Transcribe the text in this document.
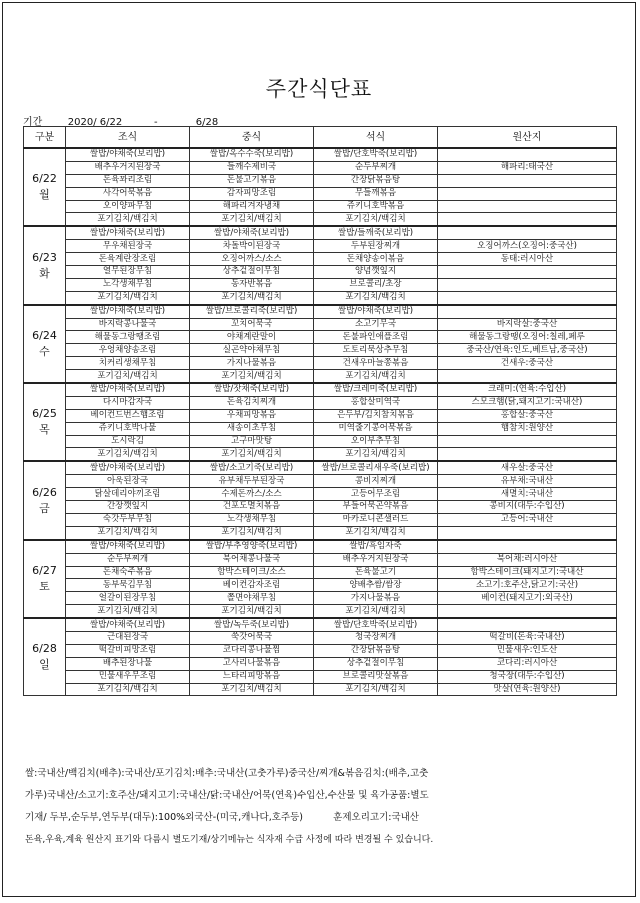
주간식단표
기간	2020/ 6/22	-	6/28
구분	조식	중식	석식	원산지

6/22
월	쌀밥/야채죽(보리밥)	쌀밥/옥수수죽(보리밥)	쌀밥/단호박죽(보리밥)	
	배추우거지된장국	들깨수제비국	순두부찌개	해파리:태국산
	돈육꽈리조림	돈불고기볶음	간장닭볶음탕	
	사각어묵볶음	감자피망조림	무들깨볶음	
	오이양파무침	해파리겨자냉채	쥬키니호박볶음	
	포기김치/백김치	포기김치/백김치	포기김치/백김치	

6/23
화	쌀밥/야채죽(보리밥)	쌀밥/야채죽(보리밥)	쌀밥/들깨죽(보리밥)	
	무우채된장국	차돌박이된장국	두부된장찌개	오징어까스(오징어:중국산)
	돈육계란장조림	오징어까스/소스	돈채양송이볶음	동태:러시아산
	열무된장무침	상추겉절이무침	양념깻잎지	
	노각생채무침	동자반볶음	브로콜리/초장	
	포기김치/백김치	포기김치/백김치	포기김치/백김치	

6/24
수	쌀밥/야채죽(보리밥)	쌀밥/브로콜리죽(보리밥)	쌀밥/야채죽(보리밥)	
	바지락콩나물국	꼬치어묵국	소고기무국	바지락살:중국산
	해물동그랑땡조림	야채계란말이	돈불파인애플조림	해물동그랑땡(오징어:칠레,페루
	우엉채양송조림	실곤약야채무침	도토리묵상추무침	중국산/연육:인도,베트남,중국산)
	치커리생채무침	가지나물볶음	건새우마늘쫑볶음	건새우:중국산
	포기김치/백김치	포기김치/백김치	포기김치/백김치	

6/25
목	쌀밥/야채죽(보리밥)	쌀밥/잣채죽(보리밥)	쌀밥/크레미죽(보리밥)	크래미:(연육:수입산)
	다시마감자국	돈육김치찌개	홍합살미역국	스모크햄(닭,돼지고기:국내산)
	베이컨드번스햄조림	우채피망볶음	은두부/김치참치볶음	홍합살:중국산
	쥬키니호박나물	새송이초무침	미역줄기콩어묵볶음	햄참치:원양산
	도시락김	고구마맛탕	오이부추무침	
	포기김치/백김치	포기김치/백김치	포기김치/백김치	

6/26
금	쌀밥/야채죽(보리밥)	쌀밥/소고기죽(보리밥)	쌀밥/브로콜리새우죽(보리밥)	새우살:중국산
	아욱된장국	유부채두부된장국	콩비지찌개	유부채:국내산
	닭살데리야끼조림	수제돈까스/소스	고등어무조림	새멸치:국내산
	간장깻잎지	건포도멸치볶음	부들어묵곤약볶음	콩비지(대두:수입산)
	숙갓두부무침	노각생채무침	마카로니콘샐러드	고등어:국내산
	포기김치/백김치	포기김치/백김치	포기김치/백김치	

6/27
토	쌀밥/야채죽(보리밥)	쌀밥/부추영양죽(보리밥)	쌀밥/흑임자죽	
	순두부찌개	북어채콩나물국	배추우거지된장국	북어채:러시아산
	돈채숙주볶음	함박스테이크/소스	돈육불고기	함박스테이크(돼지고기:국내산
	동부묵김무침	베이컨감자조림	양배추쌈/쌈장	소고기:호주산,닭고기:국산)
	얼갈이된장무침	쫄면야채무침	가지나물볶음	베이컨(돼지고기:외국산)
	포기김치/백김치	포기김치/백김치	포기김치/백김치	

6/28
일	쌀밥/야채죽(보리밥)	쌀밥/녹두죽(보리밥)	쌀밥/단호박죽(보리밥)	
	근대된장국	쑥갓어묵국	청국장찌개	떡갈비(돈육:국내산)
	떡갈비피망조림	코다리콩나물찜	간장닭볶음탕	민물새우:인도산
	배추된장나물	고사리나물볶음	상추겉절이무침	코다리:러시아산
	민물새우무조림	느타리피망볶음	브로콜리맛살볶음	청국장(대두:수입산)
	포기김치/백김치	포기김치/백김치	포기김치/백김치	맛살(연육:원양산)

쌀:국내산/백김치(배추):국내산/포기김치:배추:국내산(고춧가루)중국산/찌개&볶음김치:(배추,고춧

가루)국내산/소고기:호주산/돼지고기:국내산/닭:국내산/어묵(연육)수입산,수산물 및 육가공품:별도

기재/ 두부,순두부,연두부(대두):100%외국산-(미국,캐나다,호주등)          훈제오리고기:국내산

돈육,우육,계육 원산지 표기와 다름시 별도기재/상기메뉴는 식자재 수급 사정에 따라 변경될 수 있습니다.
